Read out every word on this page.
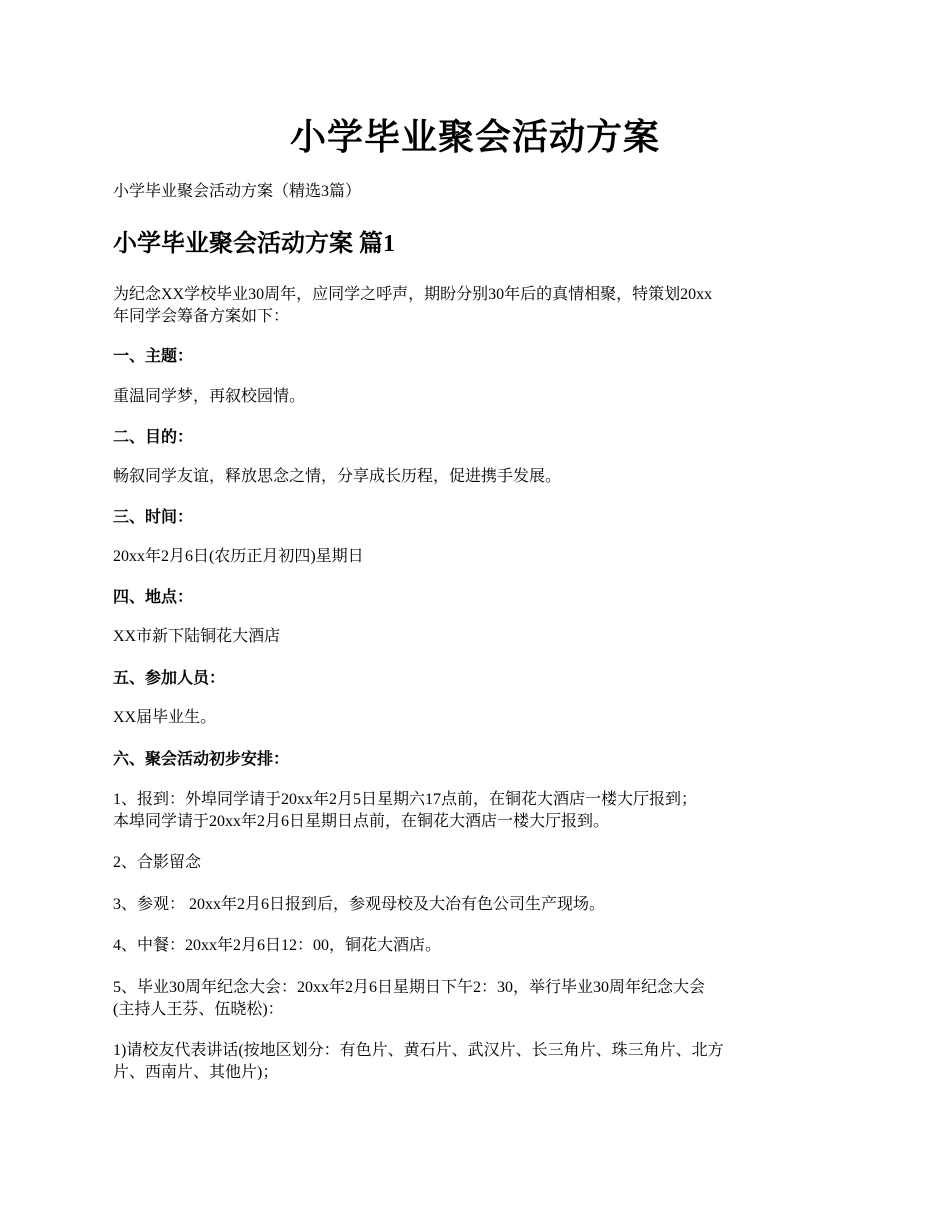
小学毕业聚会活动方案
小学毕业聚会活动方案（精选3篇）
小学毕业聚会活动方案 篇1
为纪念XX学校毕业30周年，应同学之呼声，期盼分别30年后的真情相聚，特策划20xx
年同学会筹备方案如下：
一、主题：
重温同学梦，再叙校园情。
二、目的：
畅叙同学友谊，释放思念之情，分享成长历程，促进携手发展。
三、时间：
20xx年2月6日(农历正月初四)星期日
四、地点：
XX市新下陆铜花大酒店
五、参加人员：
XX届毕业生。
六、聚会活动初步安排：
1、报到：外埠同学请于20xx年2月5日星期六17点前，在铜花大酒店一楼大厅报到；
本埠同学请于20xx年2月6日星期日点前，在铜花大酒店一楼大厅报到。
2、合影留念
3、参观： 20xx年2月6日报到后，参观母校及大冶有色公司生产现场。
4、中餐：20xx年2月6日12：00，铜花大酒店。
5、毕业30周年纪念大会：20xx年2月6日星期日下午2：30，举行毕业30周年纪念大会
(主持人王芬、伍晓松)：
1)请校友代表讲话(按地区划分：有色片、黄石片、武汉片、长三角片、珠三角片、北方
片、西南片、其他片)；
